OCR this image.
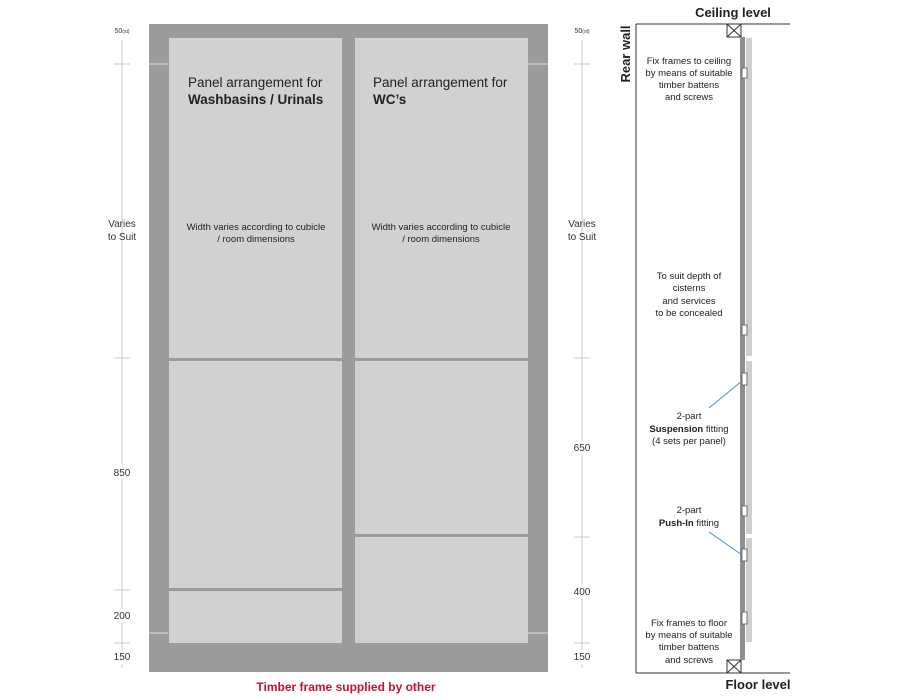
50(st)
Varies
to Suit
850
200
150
Panel arrangement for
Washbasins / Urinals
Width varies according to cubicle
/ room dimensions
Panel arrangement for
WC’s
Width varies according to cubicle
/ room dimensions
Timber frame supplied by other
50(st)
Varies
to Suit
650
400
150
Ceiling level
Floor level
Rear wall Fix frames to ceiling
by means of suitable
timber battens
and screws
To suit depth of
cisterns
and services
to be concealed
2-part
Suspension fitting
(4 sets per panel)
2-part
Push-In fitting
Fix frames to floor
by means of suitable
timber battens
and screws
